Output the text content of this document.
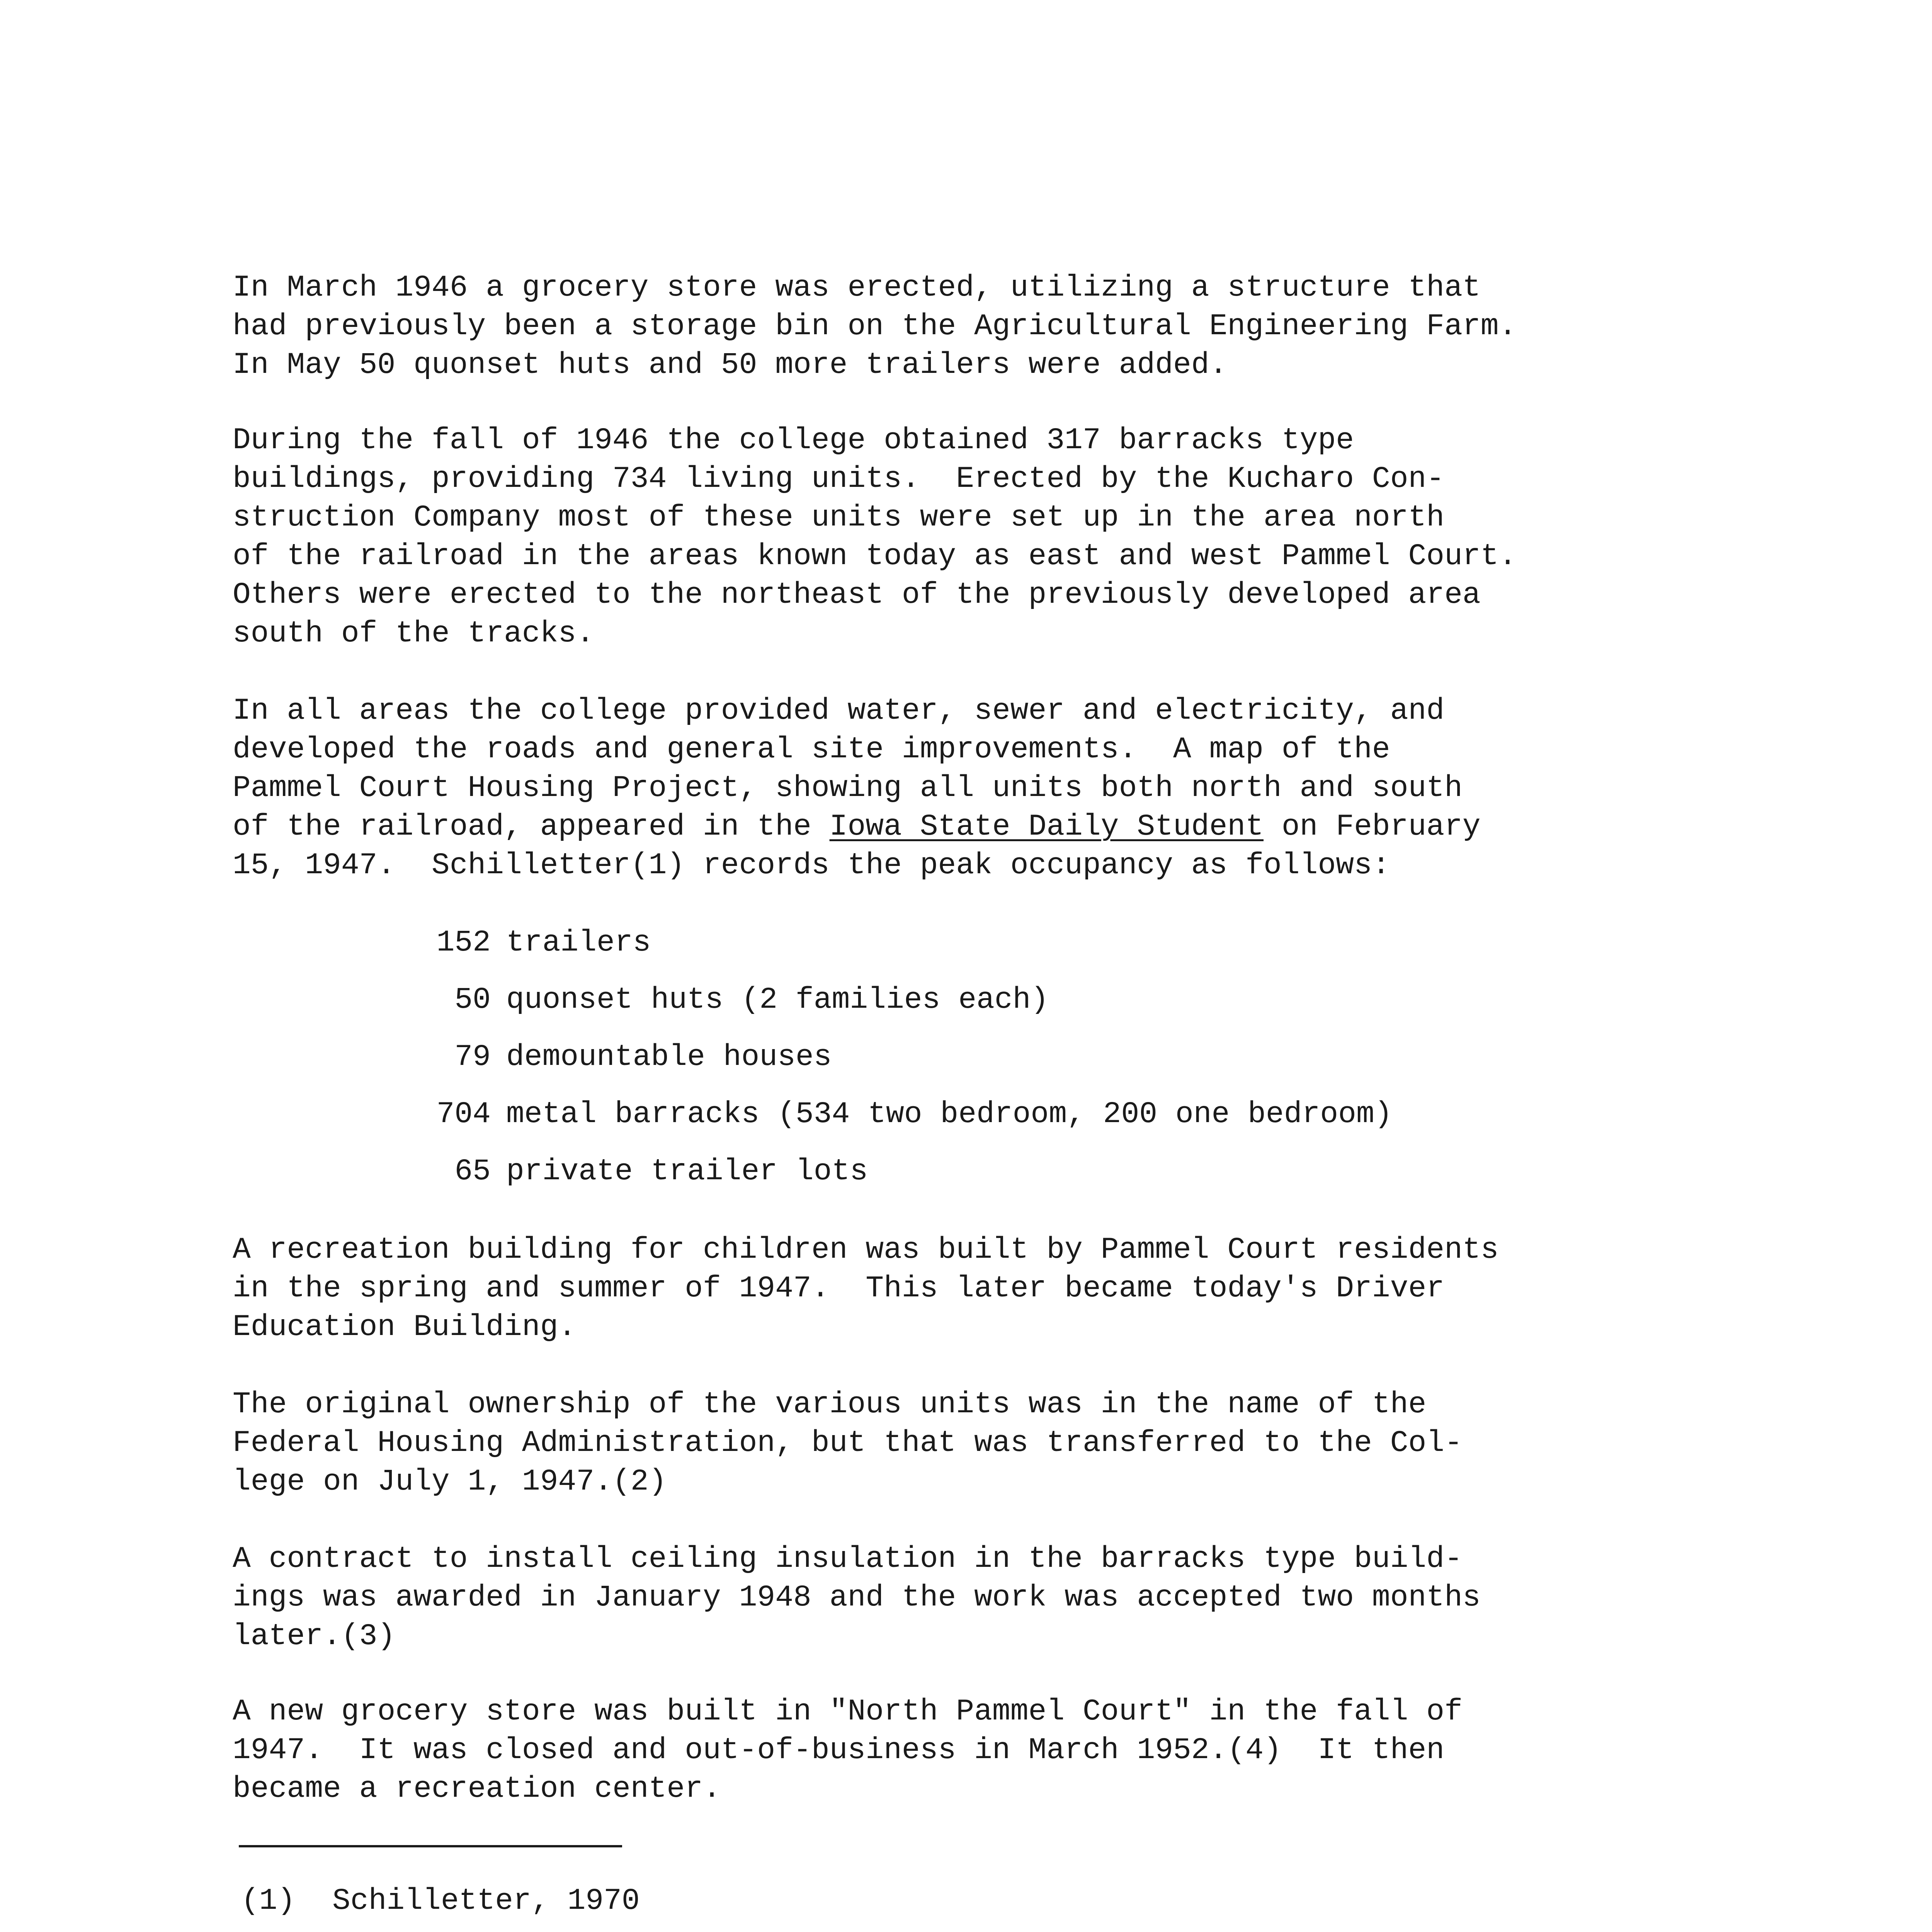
In March 1946 a grocery store was erected, utilizing a structure that
had previously been a storage bin on the Agricultural Engineering Farm.
In May 50 quonset huts and 50 more trailers were added.
During the fall of 1946 the college obtained 317 barracks type
buildings, providing 734 living units.  Erected by the Kucharo Con-
struction Company most of these units were set up in the area north
of the railroad in the areas known today as east and west Pammel Court.
Others were erected to the northeast of the previously developed area
south of the tracks.
In all areas the college provided water, sewer and electricity, and
developed the roads and general site improvements.  A map of the
Pammel Court Housing Project, showing all units both north and south
of the railroad, appeared in the Iowa State Daily Student on February
15, 1947.  Schilletter(1) records the peak occupancy as follows:
152 trailers
50 quonset huts (2 families each)
79 demountable houses
704 metal barracks (534 two bedroom, 200 one bedroom)
65 private trailer lots
A recreation building for children was built by Pammel Court residents
in the spring and summer of 1947.  This later became today's Driver
Education Building.
The original ownership of the various units was in the name of the
Federal Housing Administration, but that was transferred to the Col-
lege on July 1, 1947.(2)
A contract to install ceiling insulation in the barracks type build-
ings was awarded in January 1948 and the work was accepted two months
later.(3)
A new grocery store was built in "North Pammel Court" in the fall of
1947.  It was closed and out-of-business in March 1952.(4)  It then
became a recreation center.
(1) Schilletter, 1970
